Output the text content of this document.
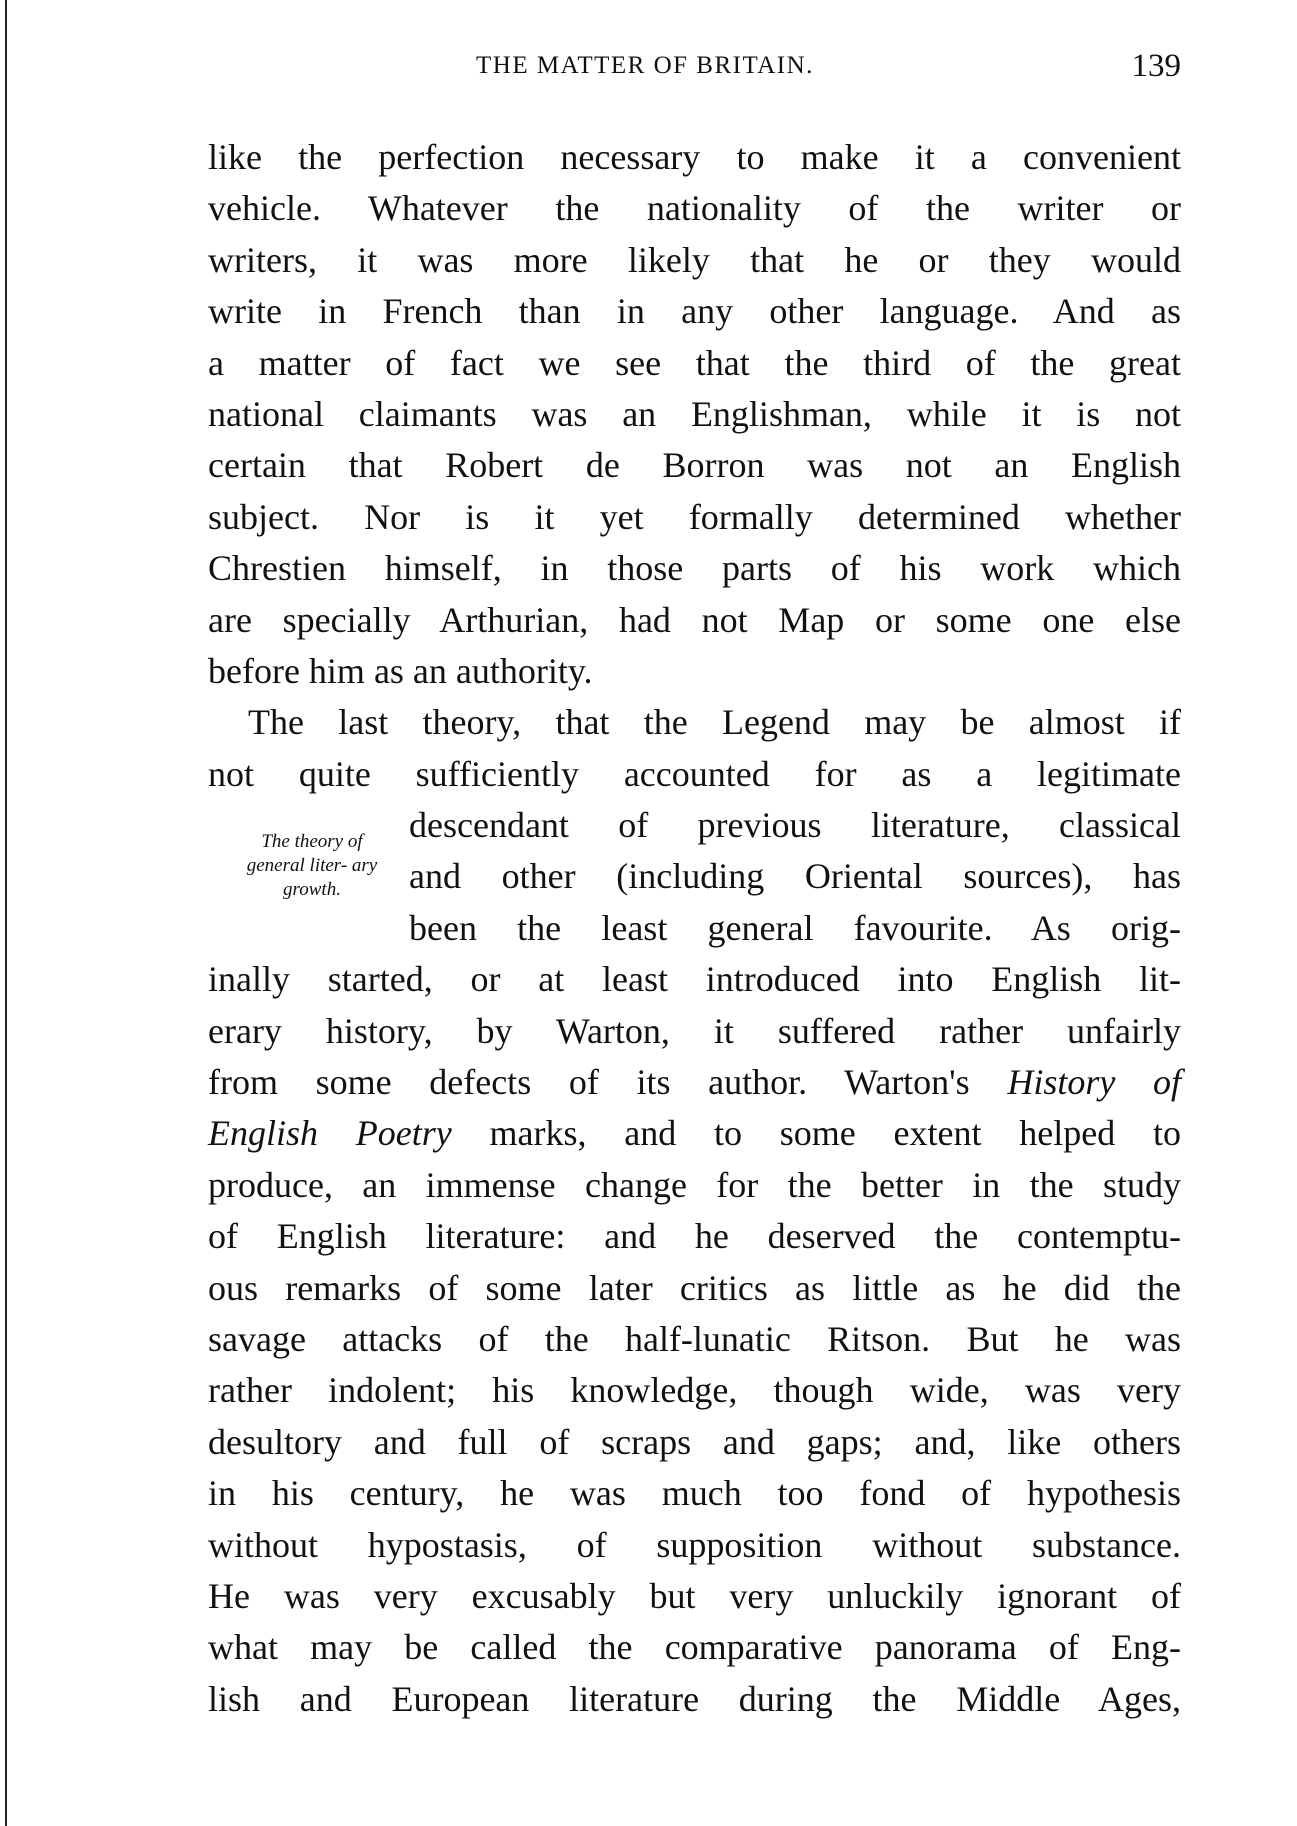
THE MATTER OF BRITAIN.	139
The theory of general liter- ary growth.
like the perfection necessary to make it a convenient
vehicle. Whatever the nationality of the writer or
writers, it was more likely that he or they would
write in French than in any other language. And as
a matter of fact we see that the third of the great
national claimants was an Englishman, while it is not
certain that Robert de Borron was not an English
subject. Nor is it yet formally determined whether
Chrestien himself, in those parts of his work which
are specially Arthurian, had not Map or some one else
before him as an authority.
The last theory, that the Legend may be almost if
not quite sufficiently accounted for as a legitimate
descendant of previous literature, classical
and other (including Oriental sources), has
been the least general favourite. As orig-
inally started, or at least introduced into English lit-
erary history, by Warton, it suffered rather unfairly
from some defects of its author. Warton's History of
English Poetry marks, and to some extent helped to
produce, an immense change for the better in the study
of English literature: and he deserved the contemptu-
ous remarks of some later critics as little as he did the
savage attacks of the half-lunatic Ritson. But he was
rather indolent; his knowledge, though wide, was very
desultory and full of scraps and gaps; and, like others
in his century, he was much too fond of hypothesis
without hypostasis, of supposition without substance.
He was very excusably but very unluckily ignorant of
what may be called the comparative panorama of Eng-
lish and European literature during the Middle Ages,
